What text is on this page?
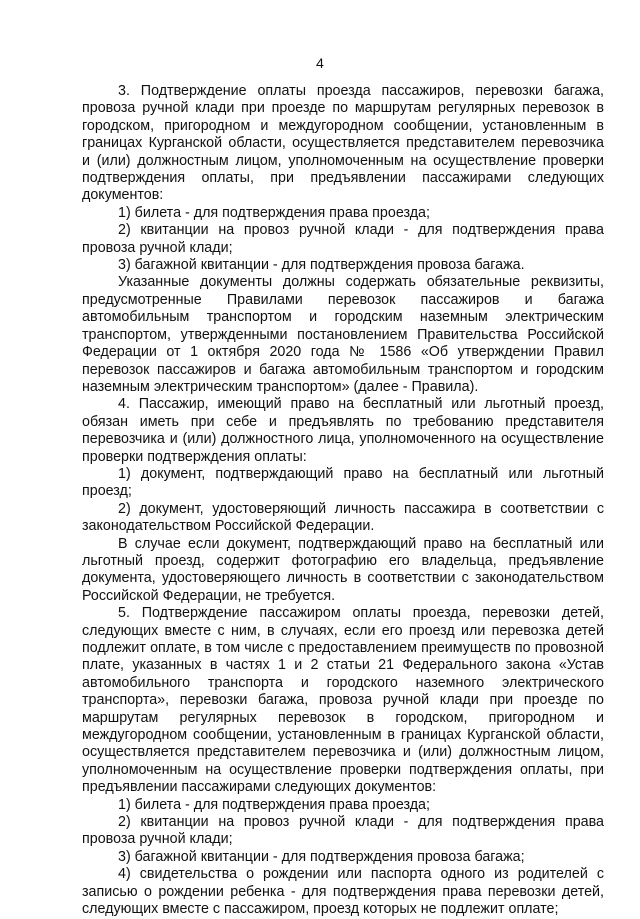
4

3. Подтверждение оплаты проезда пассажиров, перевозки багажа, провоза ручной клади при проезде по маршрутам регулярных перевозок в городском, пригородном и междугородном сообщении, установленным в границах Курганской области, осуществляется представителем перевозчика и (или) должностным лицом, уполномоченным на осуществление проверки подтверждения оплаты, при предъявлении пассажирами следующих документов:

1) билета - для подтверждения права проезда;

2) квитанции на провоз ручной клади - для подтверждения права провоза ручной клади;

3) багажной квитанции - для подтверждения провоза багажа.

Указанные документы должны содержать обязательные реквизиты, предусмотренные Правилами перевозок пассажиров и багажа автомобильным транспортом и городским наземным электрическим транспортом, утвержденными постановлением Правительства Российской Федерации от 1 октября 2020 года № 1586 «Об утверждении Правил перевозок пассажиров и багажа автомобильным транспортом и городским наземным электрическим транспортом» (далее - Правила).

4. Пассажир, имеющий право на бесплатный или льготный проезд, обязан иметь при себе и предъявлять по требованию представителя перевозчика и (или) должностного лица, уполномоченного на осуществление проверки подтверждения оплаты:

1) документ, подтверждающий право на бесплатный или льготный проезд;

2) документ, удостоверяющий личность пассажира в соответствии с законодательством Российской Федерации.

В случае если документ, подтверждающий право на бесплатный или льготный проезд, содержит фотографию его владельца, предъявление документа, удостоверяющего личность в соответствии с законодательством Российской Федерации, не требуется.

5. Подтверждение пассажиром оплаты проезда, перевозки детей, следующих вместе с ним, в случаях, если его проезд или перевозка детей подлежит оплате, в том числе с предоставлением преимуществ по провозной плате, указанных в частях 1 и 2 статьи 21 Федерального закона «Устав автомобильного транспорта и городского наземного электрического транспорта», перевозки багажа, провоза ручной клади при проезде по маршрутам регулярных перевозок в городском, пригородном и междугородном сообщении, установленным в границах Курганской области, осуществляется представителем перевозчика и (или) должностным лицом, уполномоченным на осуществление проверки подтверждения оплаты, при предъявлении пассажирами следующих документов:

1) билета - для подтверждения права проезда;

2) квитанции на провоз ручной клади - для подтверждения права провоза ручной клади;

3) багажной квитанции - для подтверждения провоза багажа;

4) свидетельства о рождении или паспорта одного из родителей с записью о рождении ребенка - для подтверждения права перевозки детей, следующих вместе с пассажиром, проезд которых не подлежит оплате;
